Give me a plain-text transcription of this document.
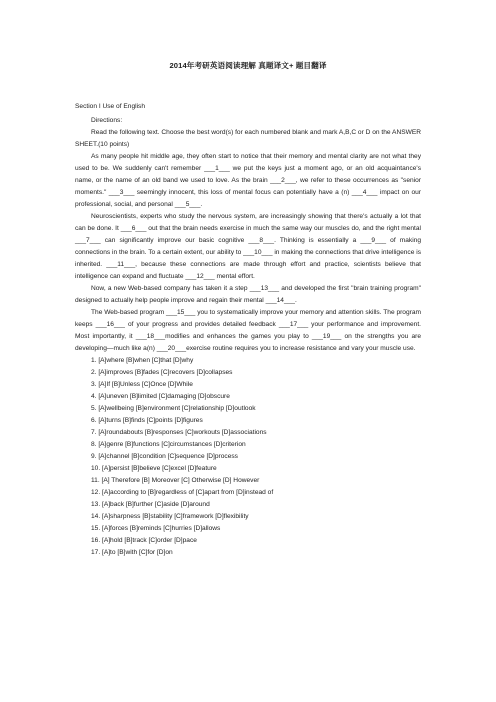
2014年考研英语阅读理解 真题译文+ 题目翻译
Section I Use of English

Directions:

Read the following text. Choose the best word(s) for each numbered blank and mark A,B,C or D on the ANSWER SHEET.(10 points)

As many people hit middle age, they often start to notice that their memory and mental clarity are not what they used to be. We suddenly can't remember ___1___ we put the keys just a moment ago, or an old acquaintance's name, or the name of an old band we used to love. As the brain ___2___, we refer to these occurrences as "senior moments." ___3___ seemingly innocent, this loss of mental focus can potentially have a (n) ___4___ impact on our professional, social, and personal ___5___.

Neuroscientists, experts who study the nervous system, are increasingly showing that there's actually a lot that can be done. It ___6___ out that the brain needs exercise in much the same way our muscles do, and the right mental ___7___ can significantly improve our basic cognitive ___8___. Thinking is essentially a ___9___ of making connections in the brain. To a certain extent, our ability to ___10___ in making the connections that drive intelligence is inherited. ___11___, because these connections are made through effort and practice, scientists believe that intelligence can expand and fluctuate ___12___ mental effort.

Now, a new Web-based company has taken it a step ___13___ and developed the first "brain training program" designed to actually help people improve and regain their mental ___14___.

The Web-based program ___15___ you to systematically improve your memory and attention skills. The program keeps ___16___ of your progress and provides detailed feedback ___17___ your performance and improvement. Most importantly, it ___18___modifies and enhances the games you play to ___19___ on the strengths you are developing—much like a(n) ___20___exercise routine requires you to increase resistance and vary your muscle use.

1. [A]where [B]when [C]that [D]why

2. [A]improves [B]fades [C]recovers [D]collapses

3. [A]If [B]Unless [C]Once [D]While

4. [A]uneven [B]limited [C]damaging [D]obscure

5. [A]wellbeing [B]environment [C]relationship [D]outlook

6. [A]turns [B]finds [C]points [D]figures

7. [A]roundabouts [B]responses [C]workouts [D]associations

8. [A]genre [B]functions [C]circumstances [D]criterion

9. [A]channel [B]condition [C]sequence [D]process

10. [A]persist [B]believe [C]excel [D]feature

11. [A] Therefore [B] Moreover [C] Otherwise [D] However

12. [A]according to [B]regardless of [C]apart from [D]instead of

13. [A]back [B]further [C]aside [D]around

14. [A]sharpness [B]stability [C]framework [D]flexibility

15. [A]forces [B]reminds [C]hurries [D]allows

16. [A]hold [B]track [C]order [D]pace

17. [A]to [B]with [C]for [D]on
